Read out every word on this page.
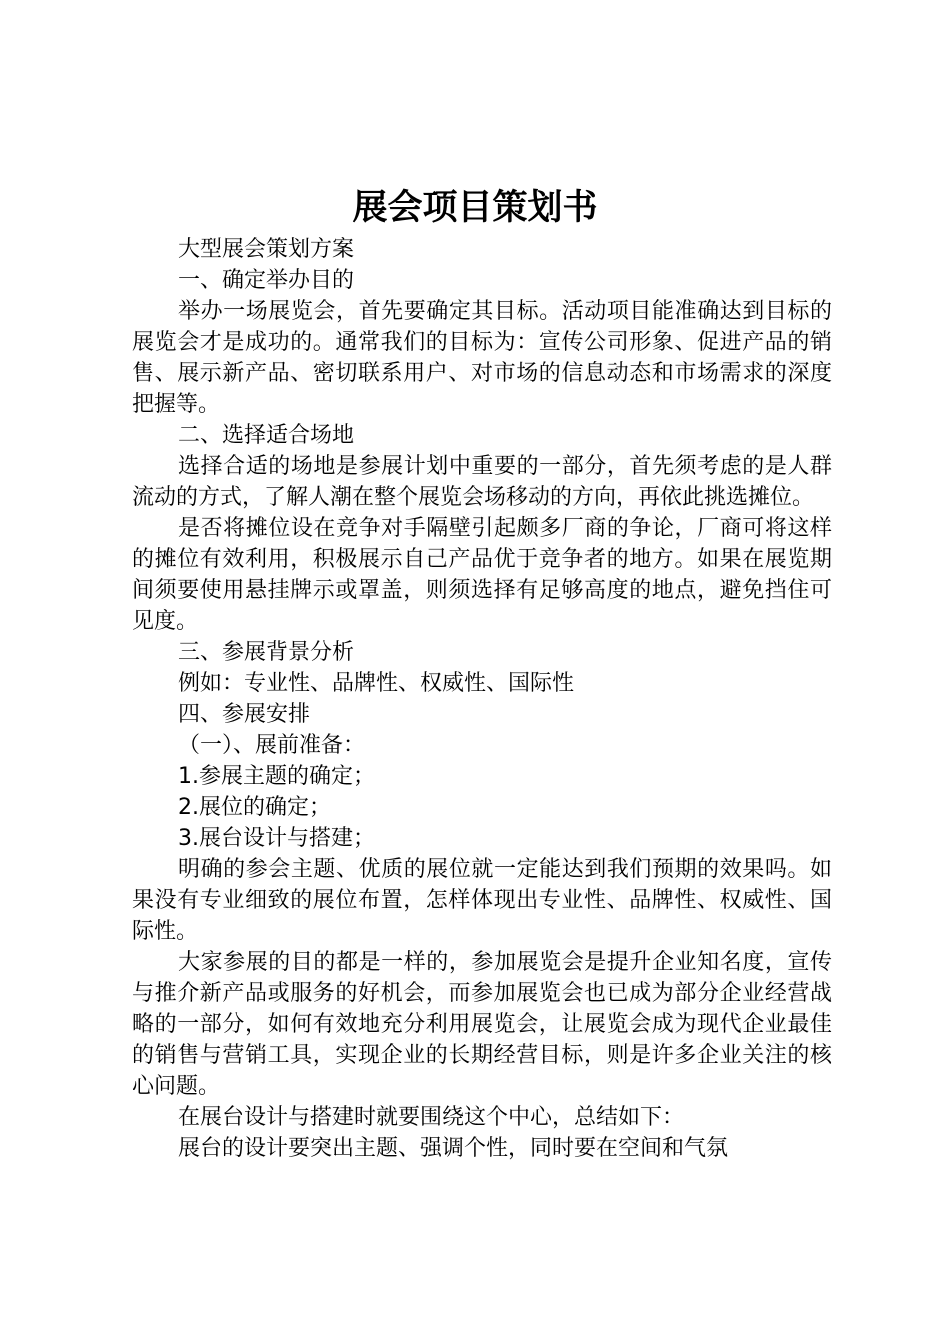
展会项目策划书

大型展会策划方案

一、确定举办目的

举办一场展览会，首先要确定其目标。活动项目能准确达到目标的展览会才是成功的。通常我们的目标为：宣传公司形象、促进产品的销售、展示新产品、密切联系用户、对市场的信息动态和市场需求的深度把握等。

二、选择适合场地

选择合适的场地是参展计划中重要的一部分，首先须考虑的是人群流动的方式，了解人潮在整个展览会场移动的方向，再依此挑选摊位。

是否将摊位设在竞争对手隔壁引起颇多厂商的争论，厂商可将这样的摊位有效利用，积极展示自己产品优于竞争者的地方。如果在展览期间须要使用悬挂牌示或罩盖，则须选择有足够高度的地点，避免挡住可见度。

三、参展背景分析

例如：专业性、品牌性、权威性、国际性

四、参展安排

（一）、展前准备：

1.参展主题的确定；

2.展位的确定；

3.展台设计与搭建；

明确的参会主题、优质的展位就一定能达到我们预期的效果吗。如果没有专业细致的展位布置，怎样体现出专业性、品牌性、权威性、国际性。

大家参展的目的都是一样的，参加展览会是提升企业知名度，宣传与推介新产品或服务的好机会，而参加展览会也已成为部分企业经营战略的一部分，如何有效地充分利用展览会，让展览会成为现代企业最佳的销售与营销工具，实现企业的长期经营目标，则是许多企业关注的核心问题。

在展台设计与搭建时就要围绕这个中心，总结如下：

展台的设计要突出主题、强调个性，同时要在空间和气氛
